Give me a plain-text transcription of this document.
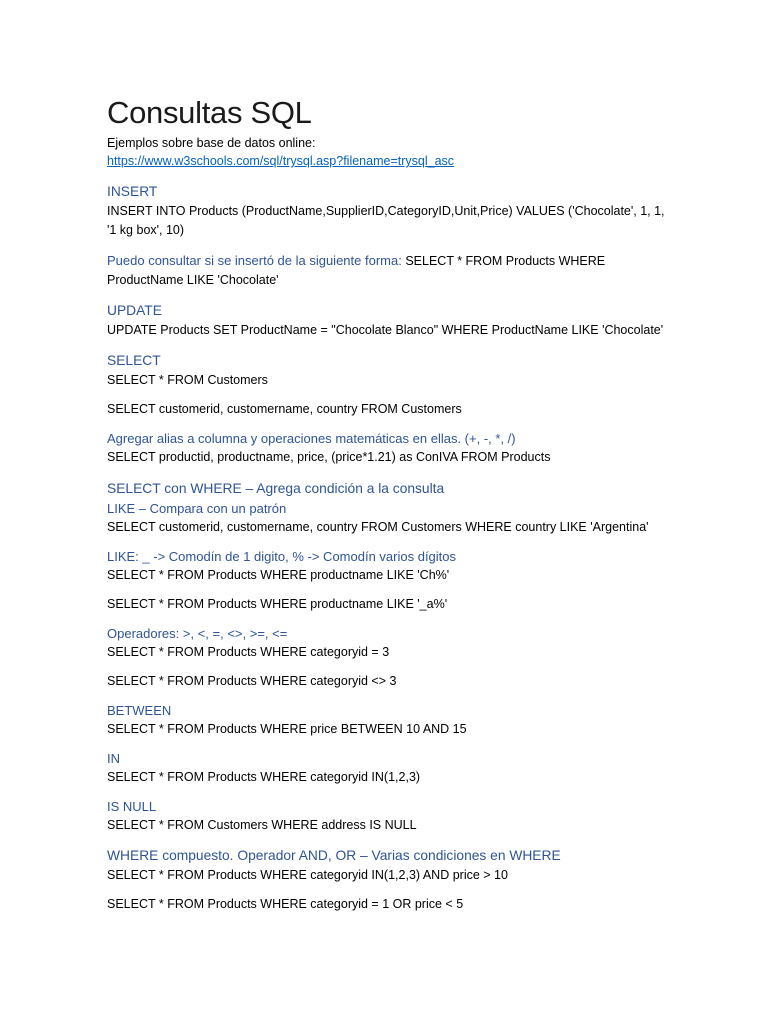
Consultas SQL
Ejemplos sobre base de datos online:
https://www.w3schools.com/sql/trysql.asp?filename=trysql_asc
INSERT
INSERT INTO Products (ProductName,SupplierID,CategoryID,Unit,Price) VALUES ('Chocolate', 1, 1,
'1 kg box', 10)
Puedo consultar si se insertó de la siguiente forma: SELECT * FROM Products WHERE
ProductName LIKE 'Chocolate'
UPDATE
UPDATE Products SET ProductName = "Chocolate Blanco" WHERE ProductName LIKE 'Chocolate'
SELECT
SELECT * FROM Customers
SELECT customerid, customername, country FROM Customers
Agregar alias a columna y operaciones matemáticas en ellas. (+, -, *, /)
SELECT productid, productname, price, (price*1.21) as ConIVA FROM Products
SELECT con WHERE – Agrega condición a la consulta
LIKE – Compara con un patrón
SELECT customerid, customername, country FROM Customers WHERE country LIKE 'Argentina'
LIKE: _ -> Comodín de 1 digito, % -> Comodín varios dígitos
SELECT * FROM Products WHERE productname LIKE 'Ch%'
SELECT * FROM Products WHERE productname LIKE '_a%'
Operadores: >, <, =, <>, >=, <=
SELECT * FROM Products WHERE categoryid = 3
SELECT * FROM Products WHERE categoryid <> 3
BETWEEN
SELECT * FROM Products WHERE price BETWEEN 10 AND 15
IN
SELECT * FROM Products WHERE categoryid IN(1,2,3)
IS NULL
SELECT * FROM Customers WHERE address IS NULL
WHERE compuesto. Operador AND, OR – Varias condiciones en WHERE
SELECT * FROM Products WHERE categoryid IN(1,2,3) AND price > 10
SELECT * FROM Products WHERE categoryid = 1 OR price < 5
